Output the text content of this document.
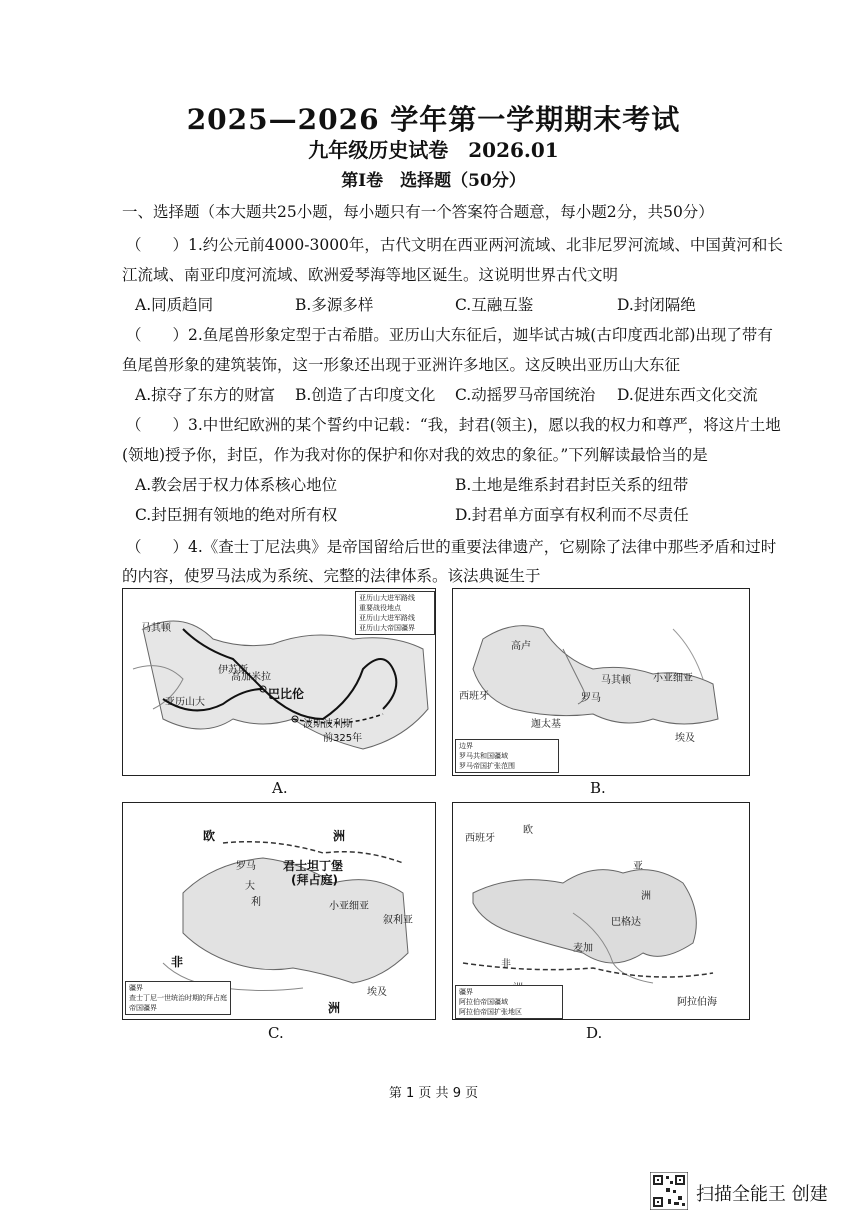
2025—2026 学年第一学期期末考试
九年级历史试卷　2026.01
第Ⅰ卷　选择题（50分）
一、选择题（本大题共25小题，每小题只有一个答案符合题意，每小题2分，共50分）
（　　）1.约公元前4000-3000年，古代文明在西亚两河流域、北非尼罗河流域、中国黄河和长
江流域、南亚印度河流域、欧洲爱琴海等地区诞生。这说明世界古代文明
A.同质趋同	B.多源多样	C.互融互鉴	D.封闭隔绝
（　　）2.鱼尾兽形象定型于古希腊。亚历山大东征后，迦毕试古城(古印度西北部)出现了带有
鱼尾兽形象的建筑装饰，这一形象还出现于亚洲许多地区。这反映出亚历山大东征
A.掠夺了东方的财富 B.创造了古印度文化 C.动摇罗马帝国统治 D.促进东西文化交流
（　　）3.中世纪欧洲的某个誓约中记载：“我，封君(领主)，愿以我的权力和尊严，将这片土地
(领地)授予你，封臣，作为我对你的保护和你对我的效忠的象征。”下列解读最恰当的是
A.教会居于权力体系核心地位	B.土地是维系封君封臣关系的纽带
C.封臣拥有领地的绝对所有权	D.封君单方面享有权利而不尽责任
（　　）4.《查士丁尼法典》是帝国留给后世的重要法律遗产，它剔除了法律中那些矛盾和过时
的内容，使罗马法成为系统、完整的法律体系。该法典诞生于
马其顿
伊苏斯
高加米拉
巴比伦
亚历山大
波斯波利斯
前325年
亚历山大进军路线
重要战役地点
亚历山大进军路线
亚历山大帝国疆界
A.
高卢
西班牙	罗马
马其顿 小亚细亚
迦太基
埃及
边界
罗马共和国疆域
罗马帝国扩张范围
B.
欧	洲
君士坦丁堡
(拜占庭)
罗马
小亚细亚
叙利亚
埃及
非
洲
大
利
疆界
查士丁尼一世统治时期的拜占庭帝国疆界
C.
西班牙
亚
洲
巴格达
麦加
非
阿拉伯海
欧
疆界
阿拉伯帝国疆域
阿拉伯帝国扩张地区
D.
第 1 页 共 9 页
扫描全能王 创建
